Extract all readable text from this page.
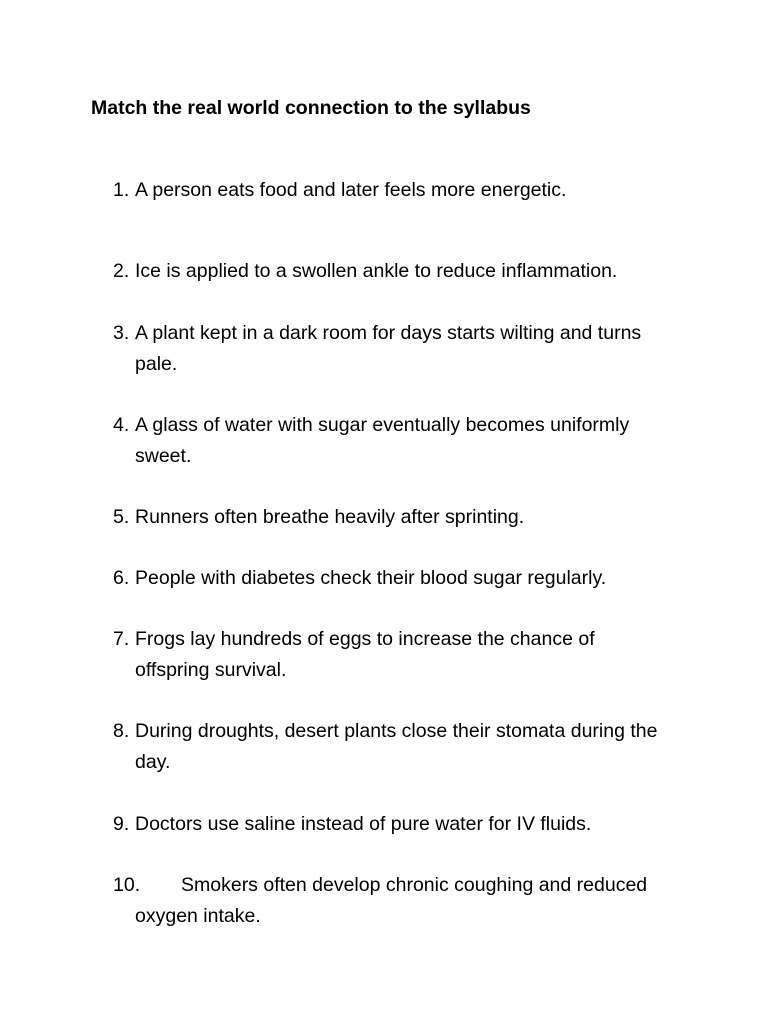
Match the real world connection to the syllabus
1. A person eats food and later feels more energetic.
2. Ice is applied to a swollen ankle to reduce inflammation.
3. A plant kept in a dark room for days starts wilting and turns pale.
4. A glass of water with sugar eventually becomes uniformly sweet.
5. Runners often breathe heavily after sprinting.
6. People with diabetes check their blood sugar regularly.
7. Frogs lay hundreds of eggs to increase the chance of offspring survival.
8. During droughts, desert plants close their stomata during the day.
9. Doctors use saline instead of pure water for IV fluids.
10.	Smokers often develop chronic coughing and reduced oxygen intake.
